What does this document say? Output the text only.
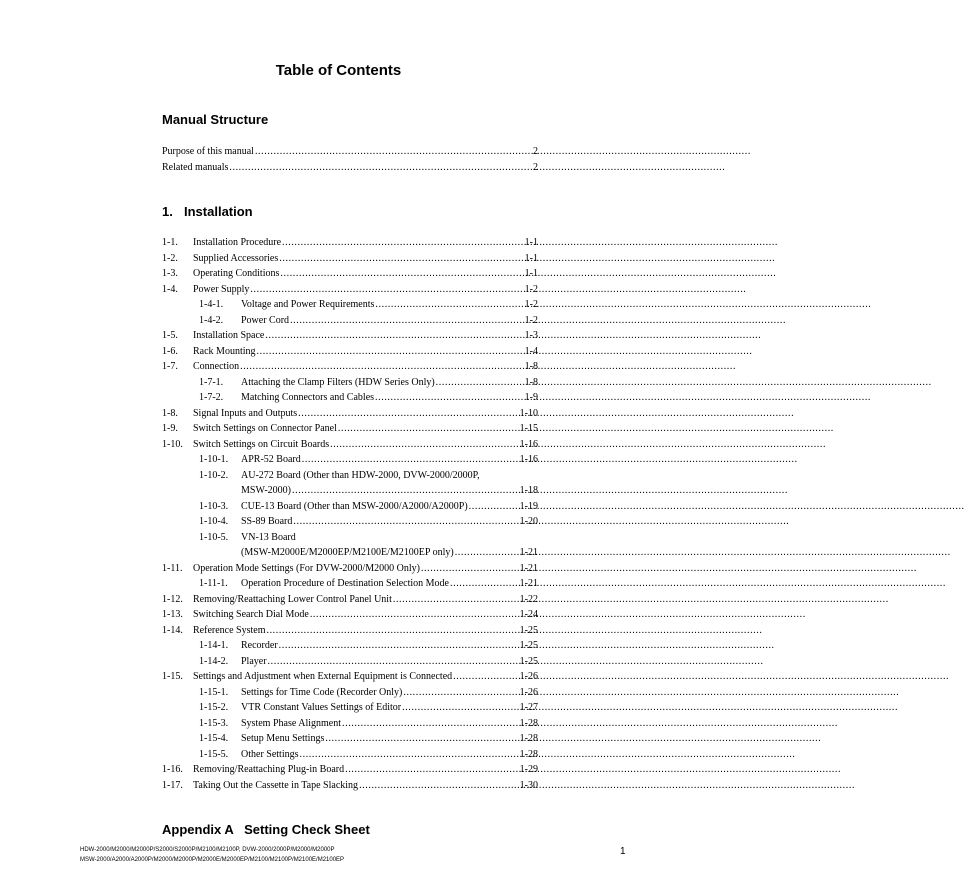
Table of Contents
Manual Structure
Purpose of this manual .....	2
Related manuals .....	2
1. Installation
1-1. Installation Procedure .....	1-1
1-2. Supplied Accessories .....	1-1
1-3. Operating Conditions .....	1-1
1-4. Power Supply .....	1-2
1-4-1. Voltage and Power Requirements .....	1-2
1-4-2. Power Cord .....	1-2
1-5. Installation Space .....	1-3
1-6. Rack Mounting .....	1-4
1-7. Connection .....	1-8
1-7-1. Attaching the Clamp Filters (HDW Series Only) .....	1-8
1-7-2. Matching Connectors and Cables .....	1-9
1-8. Signal Inputs and Outputs .....	1-10
1-9. Switch Settings on Connector Panel .....	1-15
1-10. Switch Settings on Circuit Boards .....	1-16
1-10-1. APR-52 Board .....	1-16
1-10-2. AU-272 Board (Other than HDW-2000, DVW-2000/2000P,
MSW-2000) .....	1-18
1-10-3. CUE-13 Board (Other than MSW-2000/A2000/A2000P) .....	1-19
1-10-4. SS-89 Board .....	1-20
1-10-5. VN-13 Board
(MSW-M2000E/M2000EP/M2100E/M2100EP only) .....	1-21
1-11. Operation Mode Settings (For DVW-2000/M2000 Only) .....	1-21
1-11-1. Operation Procedure of Destination Selection Mode .....	1-21
1-12. Removing/Reattaching Lower Control Panel Unit .....	1-22
1-13. Switching Search Dial Mode .....	1-24
1-14. Reference System .....	1-25
1-14-1. Recorder .....	1-25
1-14-2. Player .....	1-25
1-15. Settings and Adjustment when External Equipment is Connected .....	1-26
1-15-1. Settings for Time Code (Recorder Only) .....	1-26
1-15-2. VTR Constant Values Settings of Editor .....	1-27
1-15-3. System Phase Alignment .....	1-28
1-15-4. Setup Menu Settings .....	1-28
1-15-5. Other Settings .....	1-28
1-16. Removing/Reattaching Plug-in Board .....	1-29
1-17. Taking Out the Cassette in Tape Slacking .....	1-30
Appendix A   Setting Check Sheet
HDW-2000/M2000/M2000P/S2000/S2000P/M2100/M2100P, DVW-2000/2000P/M2000/M2000P
MSW-2000/A2000/A2000P/M2000/M2000P/M2000E/M2000EP/M2100/M2100P/M2100E/M2100EP
1
